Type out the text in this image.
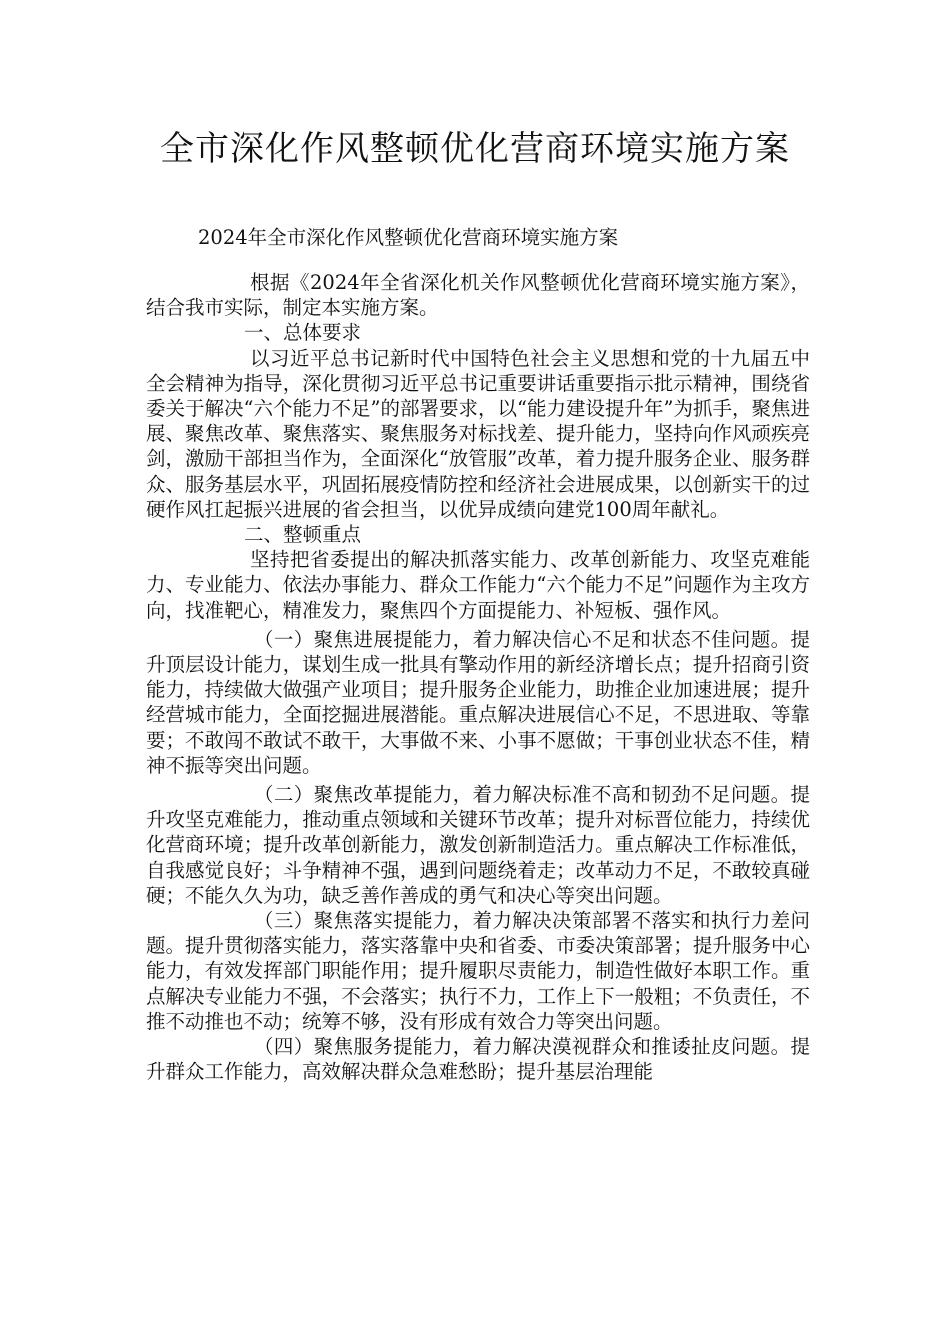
全市深化作风整顿优化营商环境实施方案

2024年全市深化作风整顿优化营商环境实施方案

根据《2024年全省深化机关作风整顿优化营商环境实施方案》，结合我市实际，制定本实施方案。

一、总体要求

以习近平总书记新时代中国特色社会主义思想和党的十九届五中全会精神为指导，深化贯彻习近平总书记重要讲话重要指示批示精神，围绕省委关于解决“六个能力不足”的部署要求，以“能力建设提升年”为抓手，聚焦进展、聚焦改革、聚焦落实、聚焦服务对标找差、提升能力，坚持向作风顽疾亮剑，激励干部担当作为，全面深化“放管服”改革，着力提升服务企业、服务群众、服务基层水平，巩固拓展疫情防控和经济社会进展成果，以创新实干的过硬作风扛起振兴进展的省会担当，以优异成绩向建党100周年献礼。

二、整顿重点

坚持把省委提出的解决抓落实能力、改革创新能力、攻坚克难能力、专业能力、依法办事能力、群众工作能力“六个能力不足”问题作为主攻方向，找准靶心，精准发力，聚焦四个方面提能力、补短板、强作风。

（一）聚焦进展提能力，着力解决信心不足和状态不佳问题。提升顶层设计能力，谋划生成一批具有擎动作用的新经济增长点；提升招商引资能力，持续做大做强产业项目；提升服务企业能力，助推企业加速进展；提升经营城市能力，全面挖掘进展潜能。重点解决进展信心不足，不思进取、等靠要；不敢闯不敢试不敢干，大事做不来、小事不愿做；干事创业状态不佳，精神不振等突出问题。

（二）聚焦改革提能力，着力解决标准不高和韧劲不足问题。提升攻坚克难能力，推动重点领域和关键环节改革；提升对标晋位能力，持续优化营商环境；提升改革创新能力，激发创新制造活力。重点解决工作标准低，自我感觉良好；斗争精神不强，遇到问题绕着走；改革动力不足，不敢较真碰硬；不能久久为功，缺乏善作善成的勇气和决心等突出问题。

（三）聚焦落实提能力，着力解决决策部署不落实和执行力差问题。提升贯彻落实能力，落实落靠中央和省委、市委决策部署；提升服务中心能力，有效发挥部门职能作用；提升履职尽责能力，制造性做好本职工作。重点解决专业能力不强，不会落实；执行不力，工作上下一般粗；不负责任，不推不动推也不动；统筹不够，没有形成有效合力等突出问题。

（四）聚焦服务提能力，着力解决漠视群众和推诿扯皮问题。提升群众工作能力，高效解决群众急难愁盼；提升基层治理能
